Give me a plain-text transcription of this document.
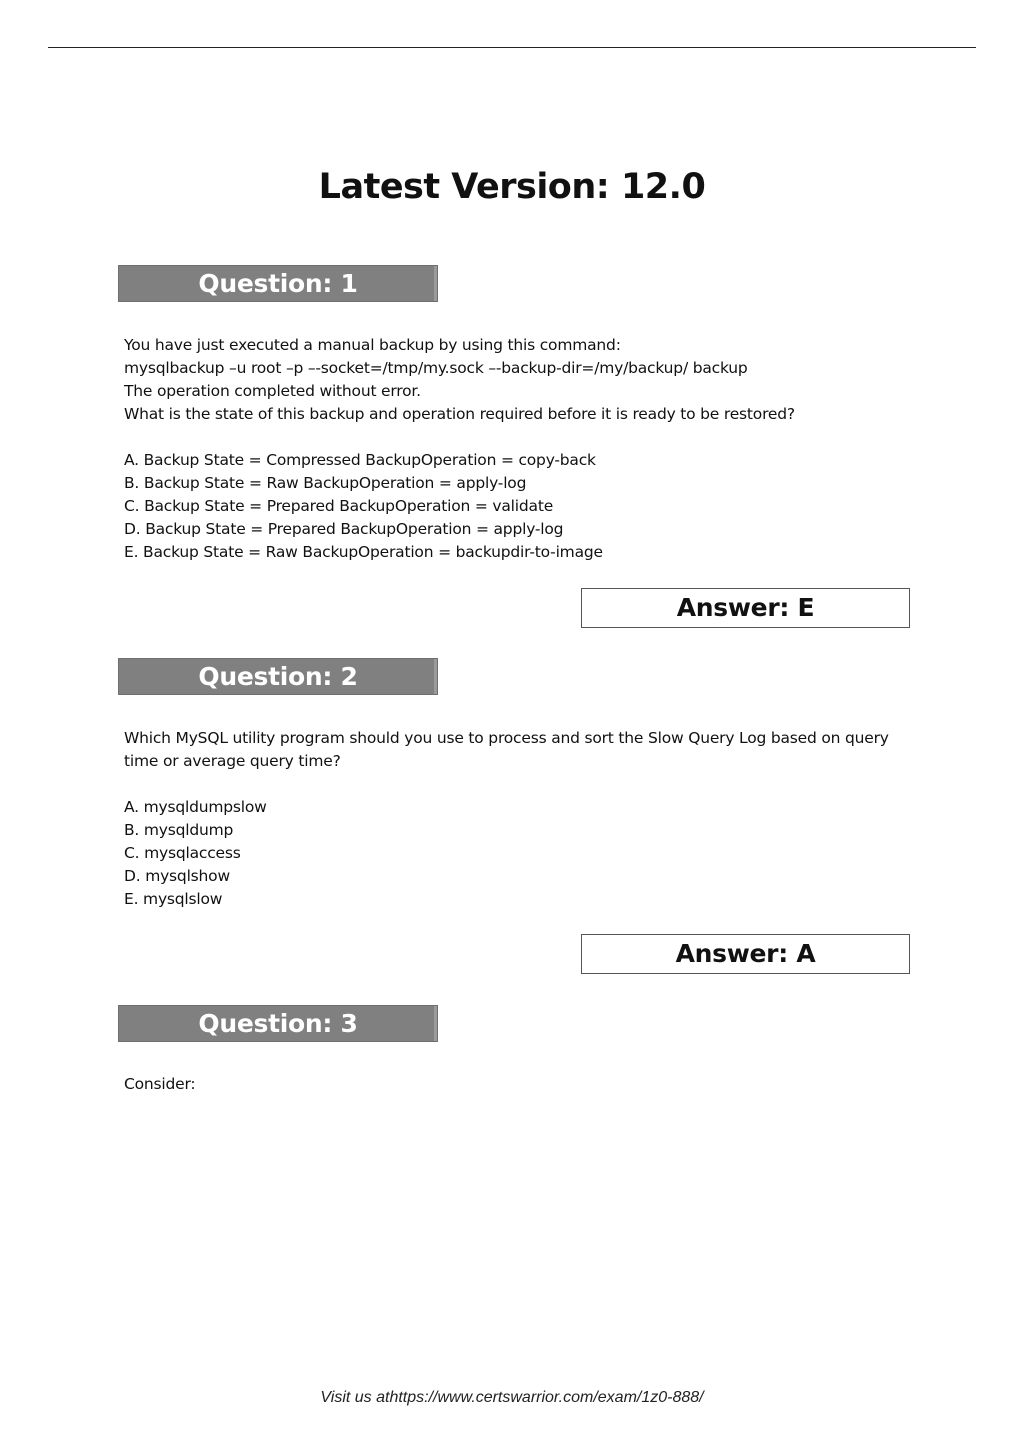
Latest Version: 12.0
Question: 1

You have just executed a manual backup by using this command:

mysqlbackup –u root –p –-socket=/tmp/my.sock –-backup-dir=/my/backup/ backup

The operation completed without error.

What is the state of this backup and operation required before it is ready to be restored?

A. Backup State = Compressed BackupOperation = copy-back

B. Backup State = Raw BackupOperation = apply-log

C. Backup State = Prepared BackupOperation = validate

D. Backup State = Prepared BackupOperation = apply-log

E. Backup State = Raw BackupOperation = backupdir-to-image

Answer: E
Question: 2

Which MySQL utility program should you use to process and sort the Slow Query Log based on query

time or average query time?

A. mysqldumpslow

B. mysqldump

C. mysqlaccess

D. mysqlshow

E. mysqlslow

Answer: A
Question: 3

Consider:

Visit us athttps://www.certswarrior.com/exam/1z0-888/
